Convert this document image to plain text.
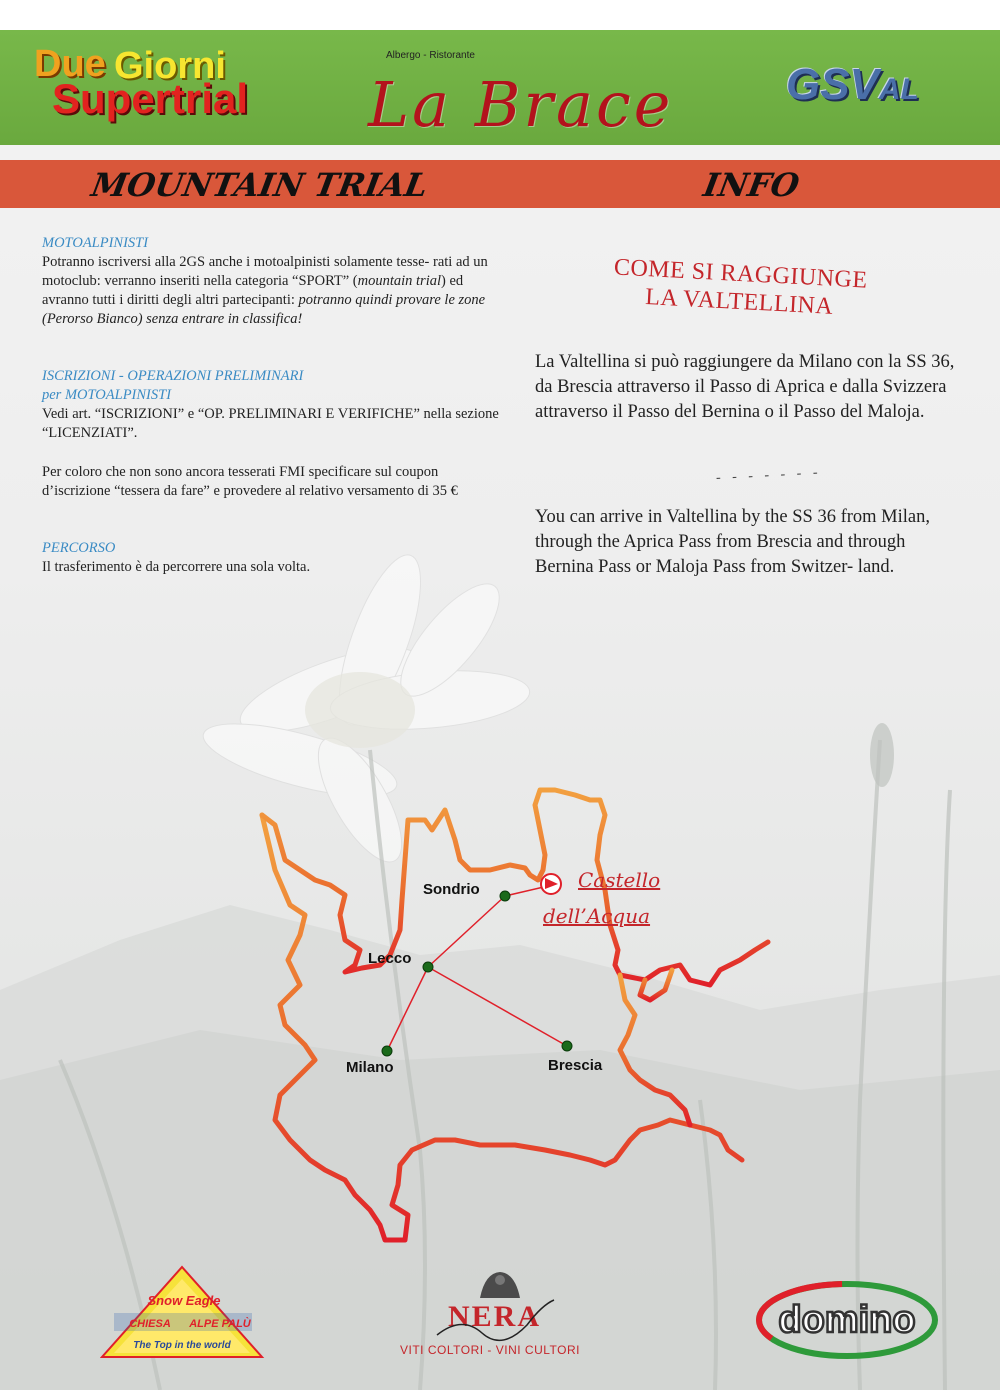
Due Giorni
Supertrial
Albergo - Ristorante
La Brace	GSVAL
MOUNTAIN TRIAL	INFO

MOTOALPINISTI

Potranno iscriversi alla 2GS anche i motoalpinisti solamente tesse- rati ad un motoclub: verranno inseriti nella categoria “SPORT” (mountain trial) ed avranno tutti i diritti degli altri partecipanti: potranno quindi provare le zone (Perorso Bianco) senza entrare in classifica!

ISCRIZIONI - OPERAZIONI PRELIMINARI

per MOTOALPINISTI

Vedi art. “ISCRIZIONI” e “OP. PRELIMINARI E VERIFICHE” nella sezione “LICENZIATI”.

Per coloro che non sono ancora tesserati FMI specificare sul coupon d’iscrizione “tessera da fare” e provedere al relativo versamento di 35 €

PERCORSO

Il trasferimento è da percorrere una sola volta.

COME SI RAGGIUNGE
LA VALTELLINA
La Valtellina si può raggiungere da Milano con la SS 36, da Brescia attraverso il Passo di Aprica e dalla Svizzera attraverso il Passo del Bernina o il Passo del Maloja.
- - - - - - -
You can arrive in Valtellina by the SS 36 from Milan, through the Aprica Pass from Brescia and through Bernina Pass or Maloja Pass from Switzer- land.
Sondrio
Lecco
Milano	Brescia
Castello
dell’Acqua
Snow Eagle
CHIESA ALPE PALÙ
The Top in the world
NERA
VITI COLTORI - VINI CULTORI
domino
